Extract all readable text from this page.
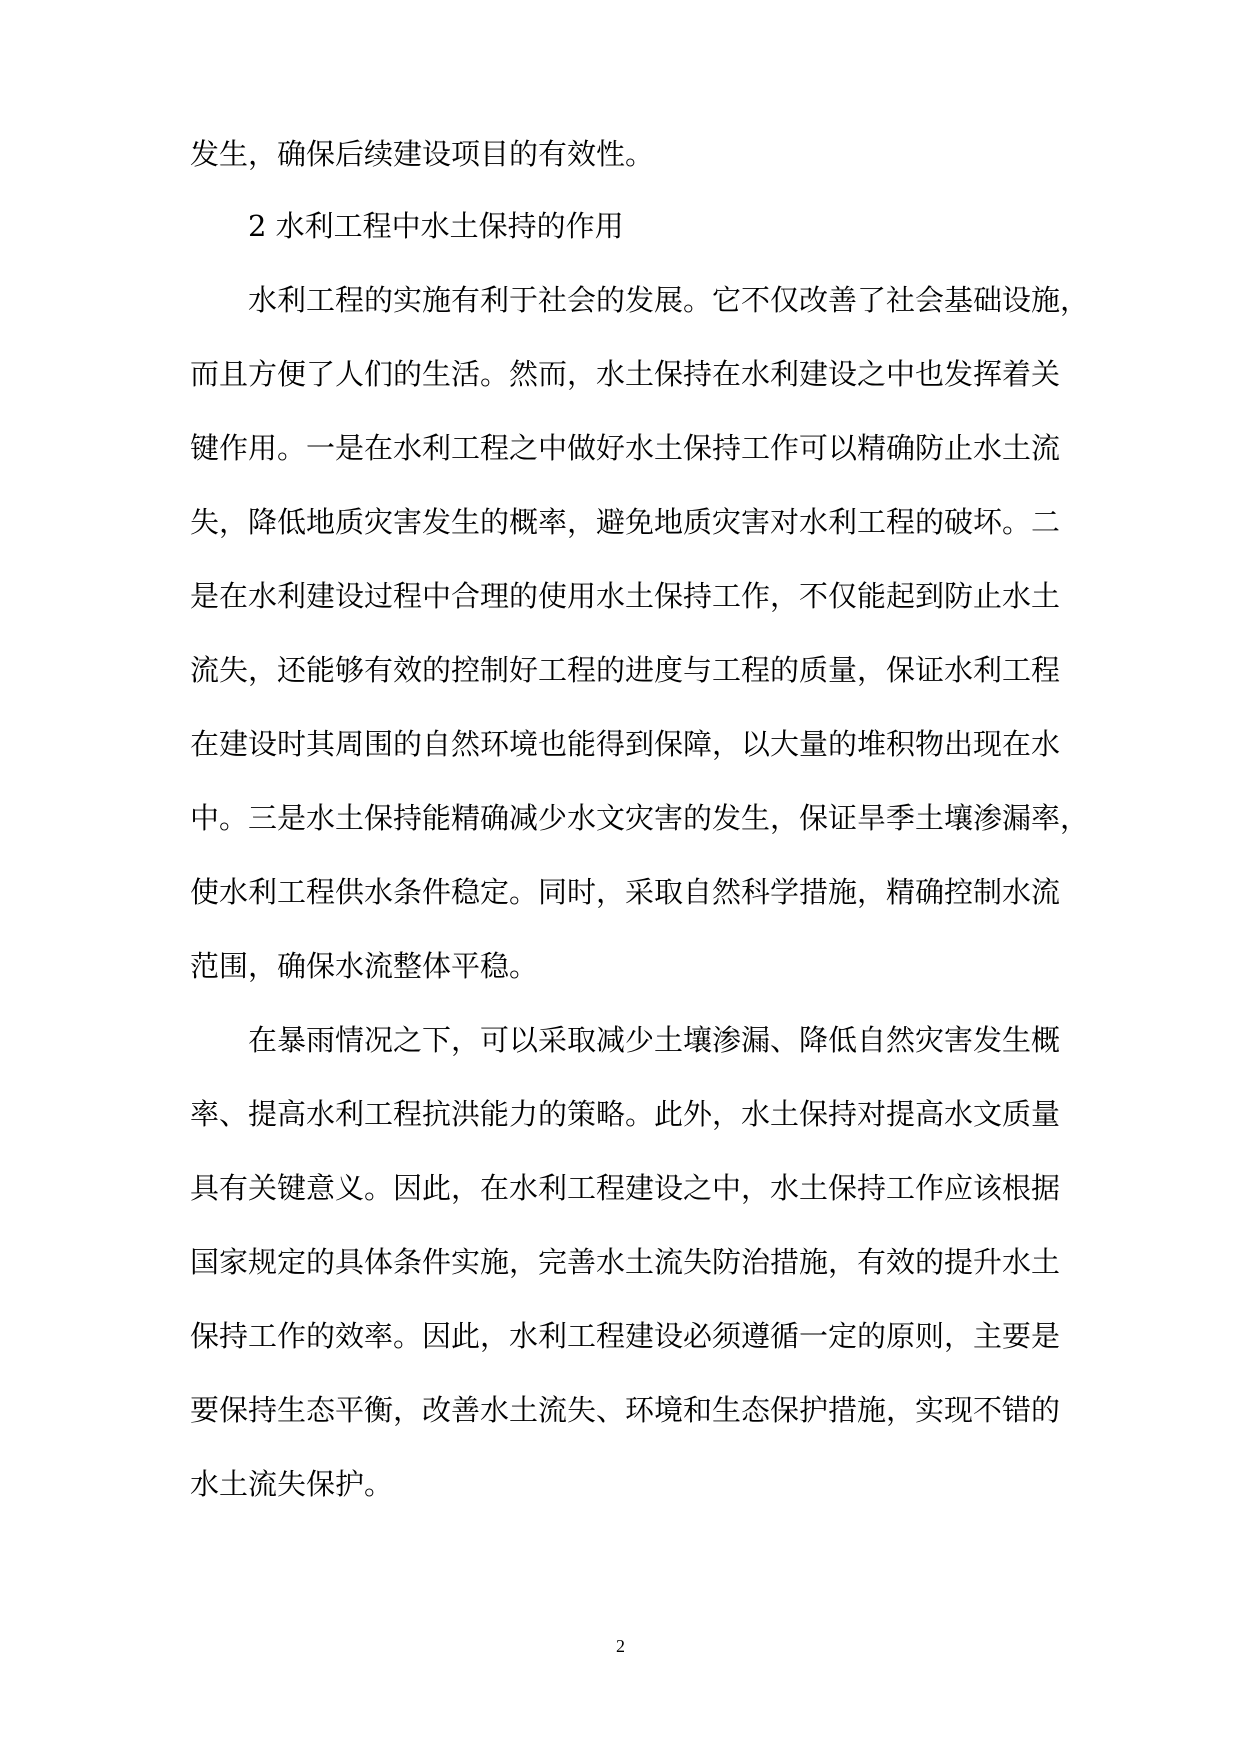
发生，确保后续建设项目的有效性。
2 水利工程中水土保持的作用
水利工程的实施有利于社会的发展。它不仅改善了社会基础设施，
而且方便了人们的生活。然而，水土保持在水利建设之中也发挥着关
键作用。一是在水利工程之中做好水土保持工作可以精确防止水土流
失，降低地质灾害发生的概率，避免地质灾害对水利工程的破坏。二
是在水利建设过程中合理的使用水土保持工作，不仅能起到防止水土
流失，还能够有效的控制好工程的进度与工程的质量，保证水利工程
在建设时其周围的自然环境也能得到保障，以大量的堆积物出现在水
中。三是水土保持能精确减少水文灾害的发生，保证旱季土壤渗漏率，
使水利工程供水条件稳定。同时，采取自然科学措施，精确控制水流
范围，确保水流整体平稳。
在暴雨情况之下，可以采取减少土壤渗漏、降低自然灾害发生概
率、提高水利工程抗洪能力的策略。此外，水土保持对提高水文质量
具有关键意义。因此，在水利工程建设之中，水土保持工作应该根据
国家规定的具体条件实施，完善水土流失防治措施，有效的提升水土
保持工作的效率。因此，水利工程建设必须遵循一定的原则，主要是
要保持生态平衡，改善水土流失、环境和生态保护措施，实现不错的
水土流失保护。
2
